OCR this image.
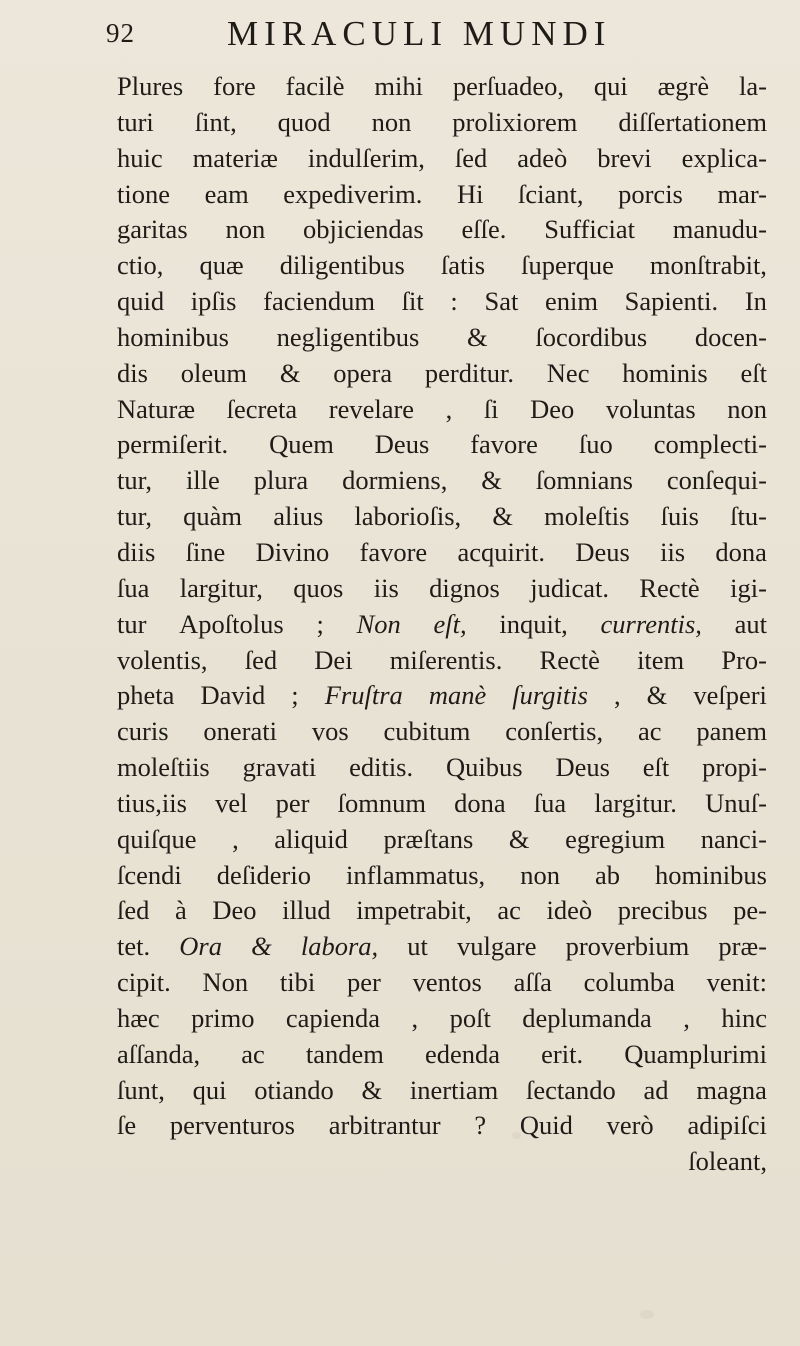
92	MIRACULI MUNDI
Plures fore facilè mihi perſuadeo, qui ægrè la-
turi ſint, quod non prolixiorem diſſertationem
huic materiæ indulſerim, ſed adeò brevi explica-
tione eam expediverim. Hi ſciant, porcis mar-
garitas non objiciendas eſſe. Sufficiat manudu-
ctio, quæ diligentibus ſatis ſuperque monſtrabit,
quid ipſis faciendum ſit : Sat enim Sapienti. In
hominibus negligentibus & ſocordibus docen-
dis oleum & opera perditur. Nec hominis eſt
Naturæ ſecreta revelare , ſi Deo voluntas non
permiſerit. Quem Deus favore ſuo complecti-
tur, ille plura dormiens, & ſomnians conſequi-
tur, quàm alius laborioſis, & moleſtis ſuis ſtu-
diis ſine Divino favore acquirit. Deus iis dona
ſua largitur, quos iis dignos judicat. Rectè igi-
tur Apoſtolus ; Non eſt, inquit, currentis, aut
volentis, ſed Dei miſerentis. Rectè item Pro-
pheta David ; Fruſtra manè ſurgitis , & veſperi
curis onerati vos cubitum conſertis, ac panem
moleſtiis gravati editis. Quibus Deus eſt propi-
tius,iis vel per ſomnum dona ſua largitur. Unuſ-
quiſque , aliquid præſtans & egregium nanci-
ſcendi deſiderio inflammatus, non ab hominibus
ſed à Deo illud impetrabit, ac ideò precibus pe-
tet. Ora & labora, ut vulgare proverbium præ-
cipit. Non tibi per ventos aſſa columba venit:
hæc primo capienda , poſt deplumanda , hinc
aſſanda, ac tandem edenda erit. Quamplurimi
ſunt, qui otiando & inertiam ſectando ad magna
ſe perventuros arbitrantur ? Quid verò adipiſci
ſoleant,
